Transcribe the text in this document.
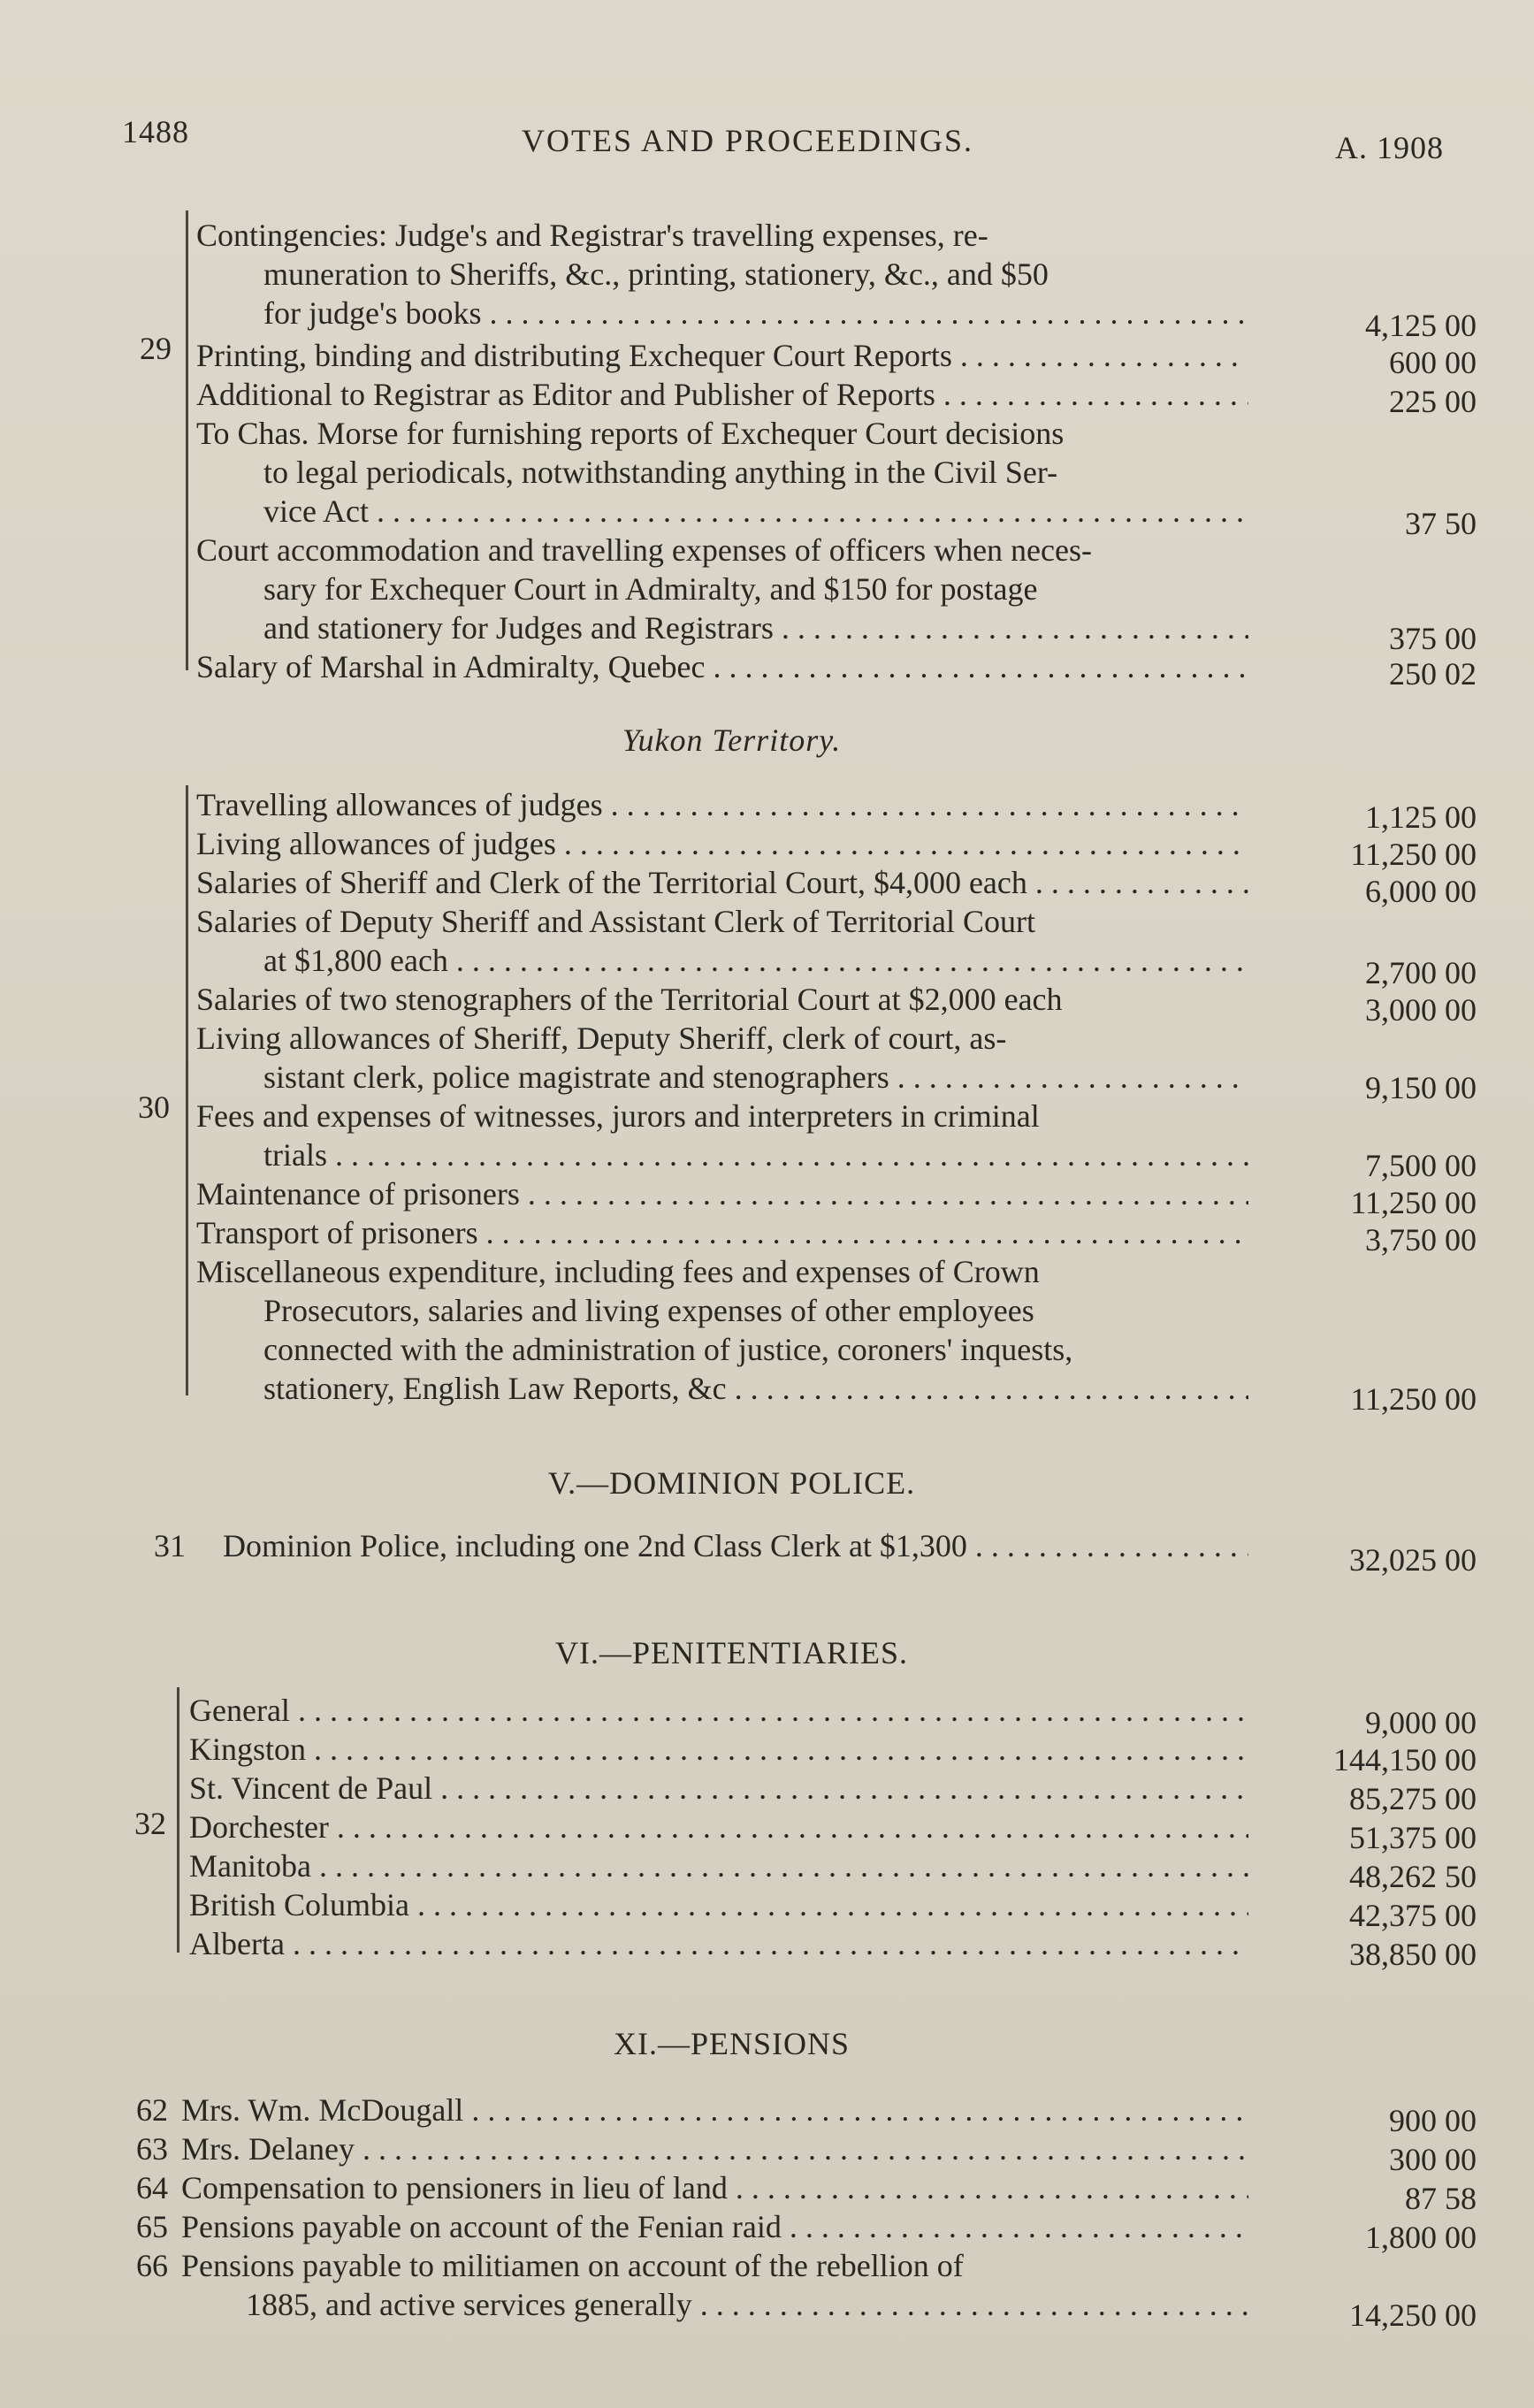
1488	VOTES AND PROCEEDINGS.	A. 1908
29
Contingencies: Judge's and Registrar's travelling expenses, re-
muneration to Sheriffs, &c., printing, stationery, &c., and $50
for judge's books . . .	4,125 00
Printing, binding and distributing Exchequer Court Reports . . .	600 00
Additional to Registrar as Editor and Publisher of Reports . . .	225 00
To Chas. Morse for furnishing reports of Exchequer Court decisions
to legal periodicals, notwithstanding anything in the Civil Ser-
vice Act . . .	37 50
Court accommodation and travelling expenses of officers when neces-
sary for Exchequer Court in Admiralty, and $150 for postage
and stationery for Judges and Registrars . . .	375 00
Salary of Marshal in Admiralty, Quebec . . .	250 02
Yukon Territory.
30
Travelling allowances of judges . . .	1,125 00
Living allowances of judges . . .	11,250 00
Salaries of Sheriff and Clerk of the Territorial Court, $4,000 each . . .	6,000 00
Salaries of Deputy Sheriff and Assistant Clerk of Territorial Court
at $1,800 each . . .	2,700 00
Salaries of two stenographers of the Territorial Court at $2,000 each	3,000 00
Living allowances of Sheriff, Deputy Sheriff, clerk of court, as-
sistant clerk, police magistrate and stenographers . . .	9,150 00
Fees and expenses of witnesses, jurors and interpreters in criminal
trials . . .	7,500 00
Maintenance of prisoners . . .	11,250 00
Transport of prisoners . . .	3,750 00
Miscellaneous expenditure, including fees and expenses of Crown
Prosecutors, salaries and living expenses of other employees
connected with the administration of justice, coroners' inquests,
stationery, English Law Reports, &c . . .	11,250 00
V.—DOMINION POLICE.
31 Dominion Police, including one 2nd Class Clerk at $1,300 . . .	32,025 00
VI.—PENITENTIARIES.
32
General . . .	9,000 00
Kingston . . .	144,150 00
St. Vincent de Paul . . .	85,275 00
Dorchester . . .	51,375 00
Manitoba . . .	48,262 50
British Columbia . . .	42,375 00
Alberta . . .	38,850 00
XI.—PENSIONS
62 Mrs. Wm. McDougall . . .	900 00
63 Mrs. Delaney . . .	300 00
64 Compensation to pensioners in lieu of land . . .	87 58
65 Pensions payable on account of the Fenian raid . . .	1,800 00
66 Pensions payable to militiamen on account of the rebellion of
1885, and active services generally . . .	14,250 00
